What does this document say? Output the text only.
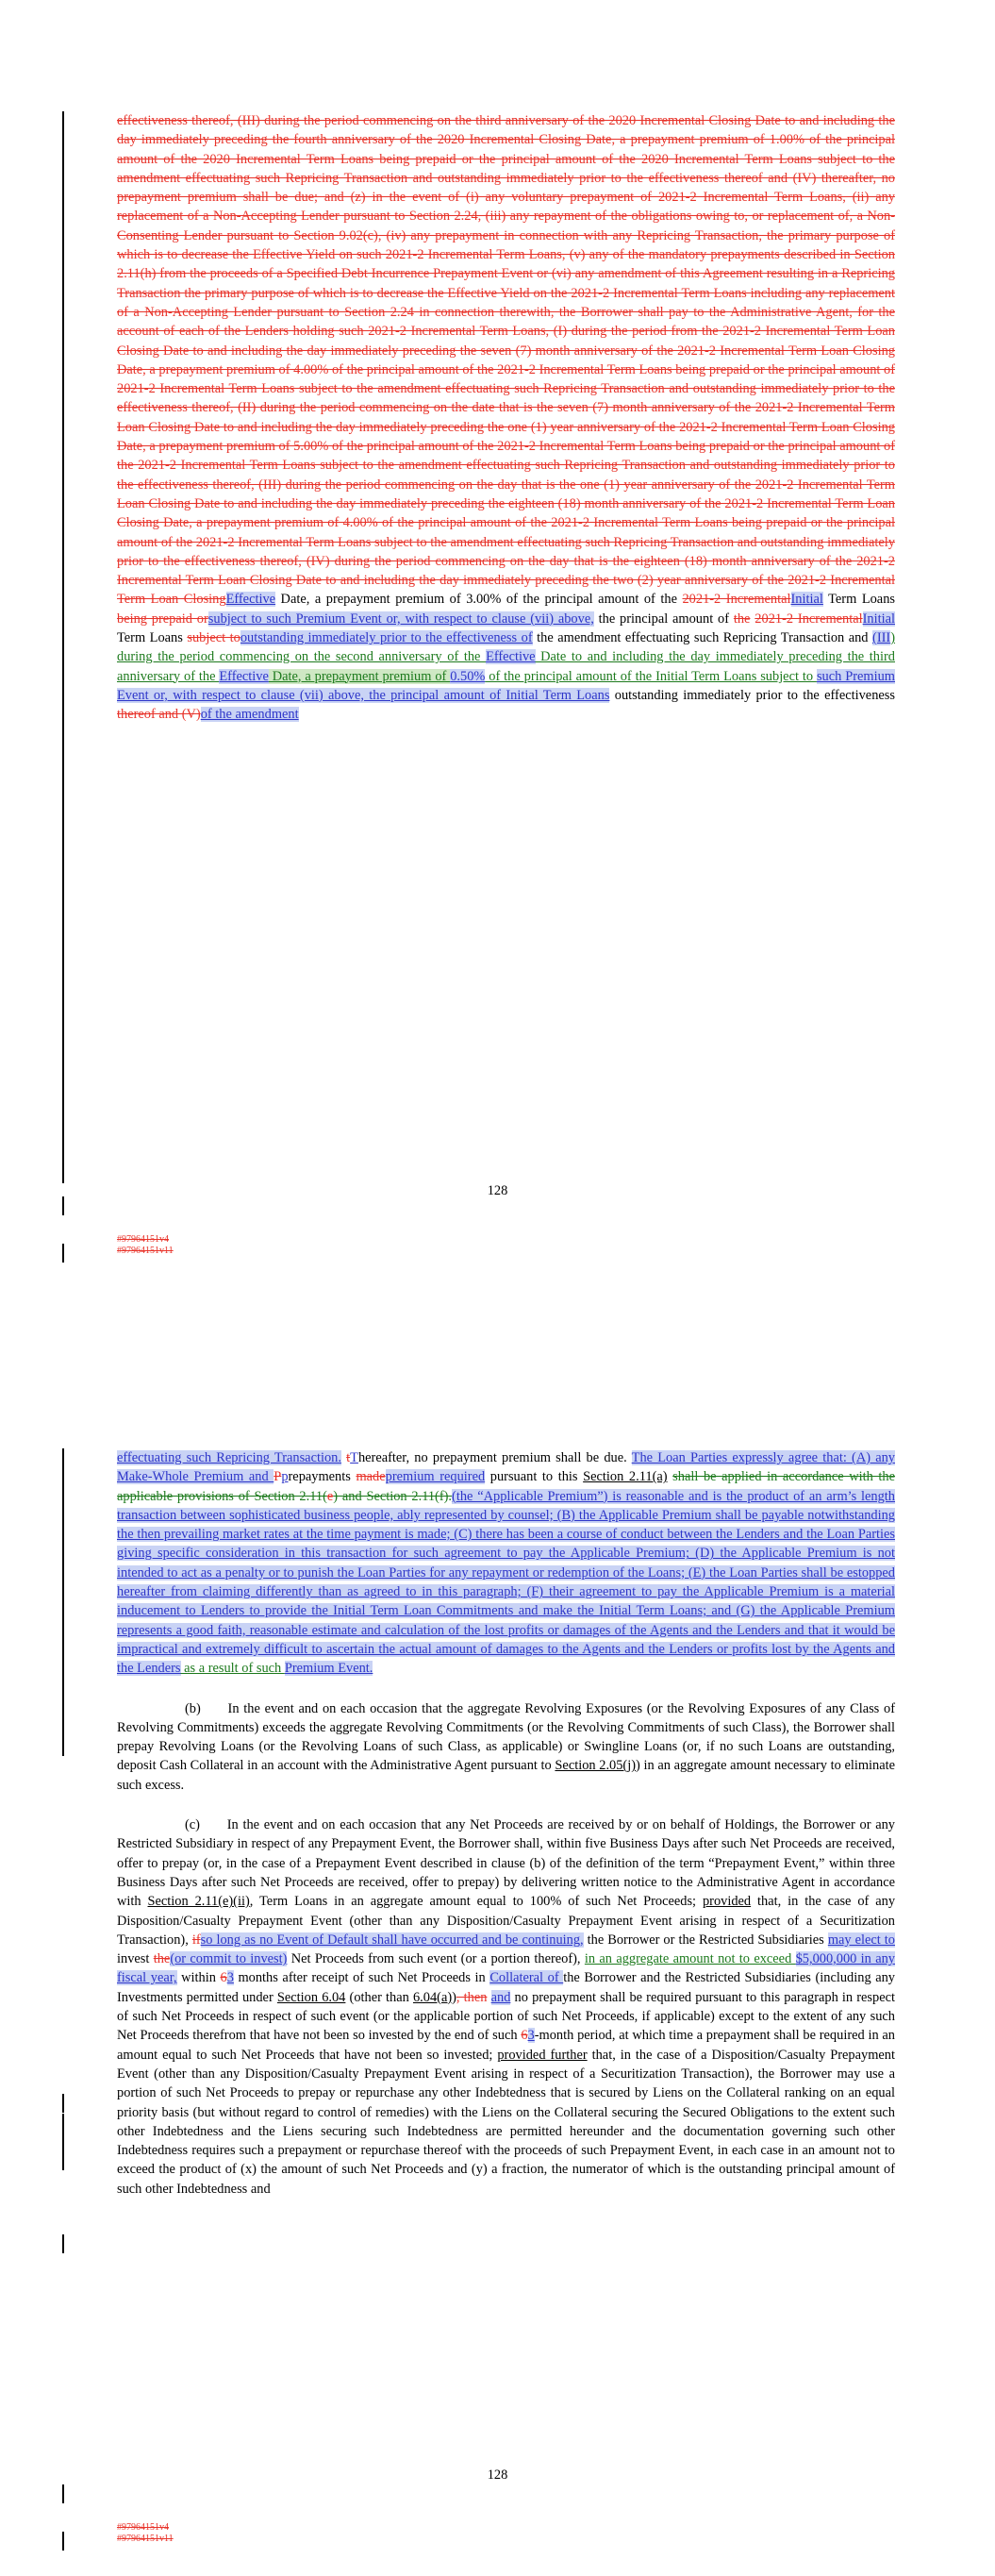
effectiveness thereof, (III) during the period commencing on the third anniversary of the 2020 Incremental Closing Date to and including the day immediately preceding the fourth anniversary of the 2020 Incremental Closing Date, a prepayment premium of 1.00% of the principal amount of the 2020 Incremental Term Loans being prepaid or the principal amount of the 2020 Incremental Term Loans subject to the amendment effectuating such Repricing Transaction and outstanding immediately prior to the effectiveness thereof and (IV) thereafter, no prepayment premium shall be due; and (z) in the event of (i) any voluntary prepayment of 2021-2 Incremental Term Loans, (ii) any replacement of a Non-Accepting Lender pursuant to Section 2.24, (iii) any repayment of the obligations owing to, or replacement of, a Non-Consenting Lender pursuant to Section 9.02(c), (iv) any prepayment in connection with any Repricing Transaction, the primary purpose of which is to decrease the Effective Yield on such 2021-2 Incremental Term Loans, (v) any of the mandatory prepayments described in Section 2.11(h) from the proceeds of a Specified Debt Incurrence Prepayment Event or (vi) any amendment of this Agreement resulting in a Repricing Transaction the primary purpose of which is to decrease the Effective Yield on the 2021-2 Incremental Term Loans including any replacement of a Non-Accepting Lender pursuant to Section 2.24 in connection therewith, the Borrower shall pay to the Administrative Agent, for the account of each of the Lenders holding such 2021-2 Incremental Term Loans, (I) during the period from the 2021-2 Incremental Term Loan Closing Date to and including the day immediately preceding the seven (7) month anniversary of the 2021-2 Incremental Term Loan Closing Date, a prepayment premium of 4.00% of the principal amount of the 2021-2 Incremental Term Loans being prepaid or the principal amount of 2021-2 Incremental Term Loans subject to the amendment effectuating such Repricing Transaction and outstanding immediately prior to the effectiveness thereof, (II) during the period commencing on the date that is the seven (7) month anniversary of the 2021-2 Incremental Term Loan Closing Date to and including the day immediately preceding the one (1) year anniversary of the 2021-2 Incremental Term Loan Closing Date, a prepayment premium of 5.00% of the principal amount of the 2021-2 Incremental Term Loans being prepaid or the principal amount of the 2021-2 Incremental Term Loans subject to the amendment effectuating such Repricing Transaction and outstanding immediately prior to the effectiveness thereof, (III) during the period commencing on the day that is the one (1) year anniversary of the 2021-2 Incremental Term Loan Closing Date to and including the day immediately preceding the eighteen (18) month anniversary of the 2021-2 Incremental Term Loan Closing Date, a prepayment premium of 4.00% of the principal amount of the 2021-2 Incremental Term Loans being prepaid or the principal amount of the 2021-2 Incremental Term Loans subject to the amendment effectuating such Repricing Transaction and outstanding immediately prior to the effectiveness thereof, (IV) during the period commencing on the day that is the eighteen (18) month anniversary of the 2021-2 Incremental Term Loan Closing Date to and including the day immediately preceding the two (2) year anniversary of the 2021-2 Incremental Term Loan ClosingEffective Date, a prepayment premium of 3.00% of the principal amount of the 2021-2 IncrementalInitial Term Loans being prepaid orsubject to such Premium Event or, with respect to clause (vii) above, the principal amount of the 2021-2 IncrementalInitial Term Loans subject tooutstanding immediately prior to the effectiveness of the amendment effectuating such Repricing Transaction and (III) during the period commencing on the second anniversary of the Effective Date to and including the day immediately preceding the third anniversary of the Effective Date, a prepayment premium of 0.50% of the principal amount of the Initial Term Loans subject to such Premium Event or, with respect to clause (vii) above, the principal amount of Initial Term Loans outstanding immediately prior to the effectiveness thereof and (V)of the amendment

128
#97964151v4
#97964151v11

effectuating such Repricing Transaction. tThereafter, no prepayment premium shall be due. The Loan Parties expressly agree that: (A) any Make-Whole Premium and Pprepayments madepremium required pursuant to this Section 2.11(a) shall be applied in accordance with the applicable provisions of Section 2.11(e) and Section 2.11(f).(the “Applicable Premium”) is reasonable and is the product of an arm’s length transaction between sophisticated business people, ably represented by counsel; (B) the Applicable Premium shall be payable notwithstanding the then prevailing market rates at the time payment is made; (C) there has been a course of conduct between the Lenders and the Loan Parties giving specific consideration in this transaction for such agreement to pay the Applicable Premium; (D) the Applicable Premium is not intended to act as a penalty or to punish the Loan Parties for any repayment or redemption of the Loans; (E) the Loan Parties shall be estopped hereafter from claiming differently than as agreed to in this paragraph; (F) their agreement to pay the Applicable Premium is a material inducement to Lenders to provide the Initial Term Loan Commitments and make the Initial Term Loans; and (G) the Applicable Premium represents a good faith, reasonable estimate and calculation of the lost profits or damages of the Agents and the Lenders and that it would be impractical and extremely difficult to ascertain the actual amount of damages to the Agents and the Lenders or profits lost by the Agents and the Lenders as a result of such Premium Event.

(b)  In the event and on each occasion that the aggregate Revolving Exposures (or the Revolving Exposures of any Class of Revolving Commitments) exceeds the aggregate Revolving Commitments (or the Revolving Commitments of such Class), the Borrower shall prepay Revolving Loans (or the Revolving Loans of such Class, as applicable) or Swingline Loans (or, if no such Loans are outstanding, deposit Cash Collateral in an account with the Administrative Agent pursuant to Section 2.05(j)) in an aggregate amount necessary to eliminate such excess.

(c)  In the event and on each occasion that any Net Proceeds are received by or on behalf of Holdings, the Borrower or any Restricted Subsidiary in respect of any Prepayment Event, the Borrower shall, within five Business Days after such Net Proceeds are received, offer to prepay (or, in the case of a Prepayment Event described in clause (b) of the definition of the term “Prepayment Event,” within three Business Days after such Net Proceeds are received, offer to prepay) by delivering written notice to the Administrative Agent in accordance with Section 2.11(e)(ii), Term Loans in an aggregate amount equal to 100% of such Net Proceeds; provided that, in the case of any Disposition/Casualty Prepayment Event (other than any Disposition/Casualty Prepayment Event arising in respect of a Securitization Transaction), ifso long as no Event of Default shall have occurred and be continuing, the Borrower or the Restricted Subsidiaries may elect to invest the(or commit to invest) Net Proceeds from such event (or a portion thereof), in an aggregate amount not to exceed $5,000,000 in any fiscal year, within 63 months after receipt of such Net Proceeds in Collateral of the Borrower and the Restricted Subsidiaries (including any Investments permitted under Section 6.04 (other than 6.04(a)), then and no prepayment shall be required pursuant to this paragraph in respect of such Net Proceeds in respect of such event (or the applicable portion of such Net Proceeds, if applicable) except to the extent of any such Net Proceeds therefrom that have not been so invested by the end of such 63-month period, at which time a prepayment shall be required in an amount equal to such Net Proceeds that have not been so invested; provided further that, in the case of a Disposition/Casualty Prepayment Event (other than any Disposition/Casualty Prepayment Event arising in respect of a Securitization Transaction), the Borrower may use a portion of such Net Proceeds to prepay or repurchase any other Indebtedness that is secured by Liens on the Collateral ranking on an equal priority basis (but without regard to control of remedies) with the Liens on the Collateral securing the Secured Obligations to the extent such other Indebtedness and the Liens securing such Indebtedness are permitted hereunder and the documentation governing such other Indebtedness requires such a prepayment or repurchase thereof with the proceeds of such Prepayment Event, in each case in an amount not to exceed the product of (x) the amount of such Net Proceeds and (y) a fraction, the numerator of which is the outstanding principal amount of such other Indebtedness and

128
#97964151v4
#97964151v11
